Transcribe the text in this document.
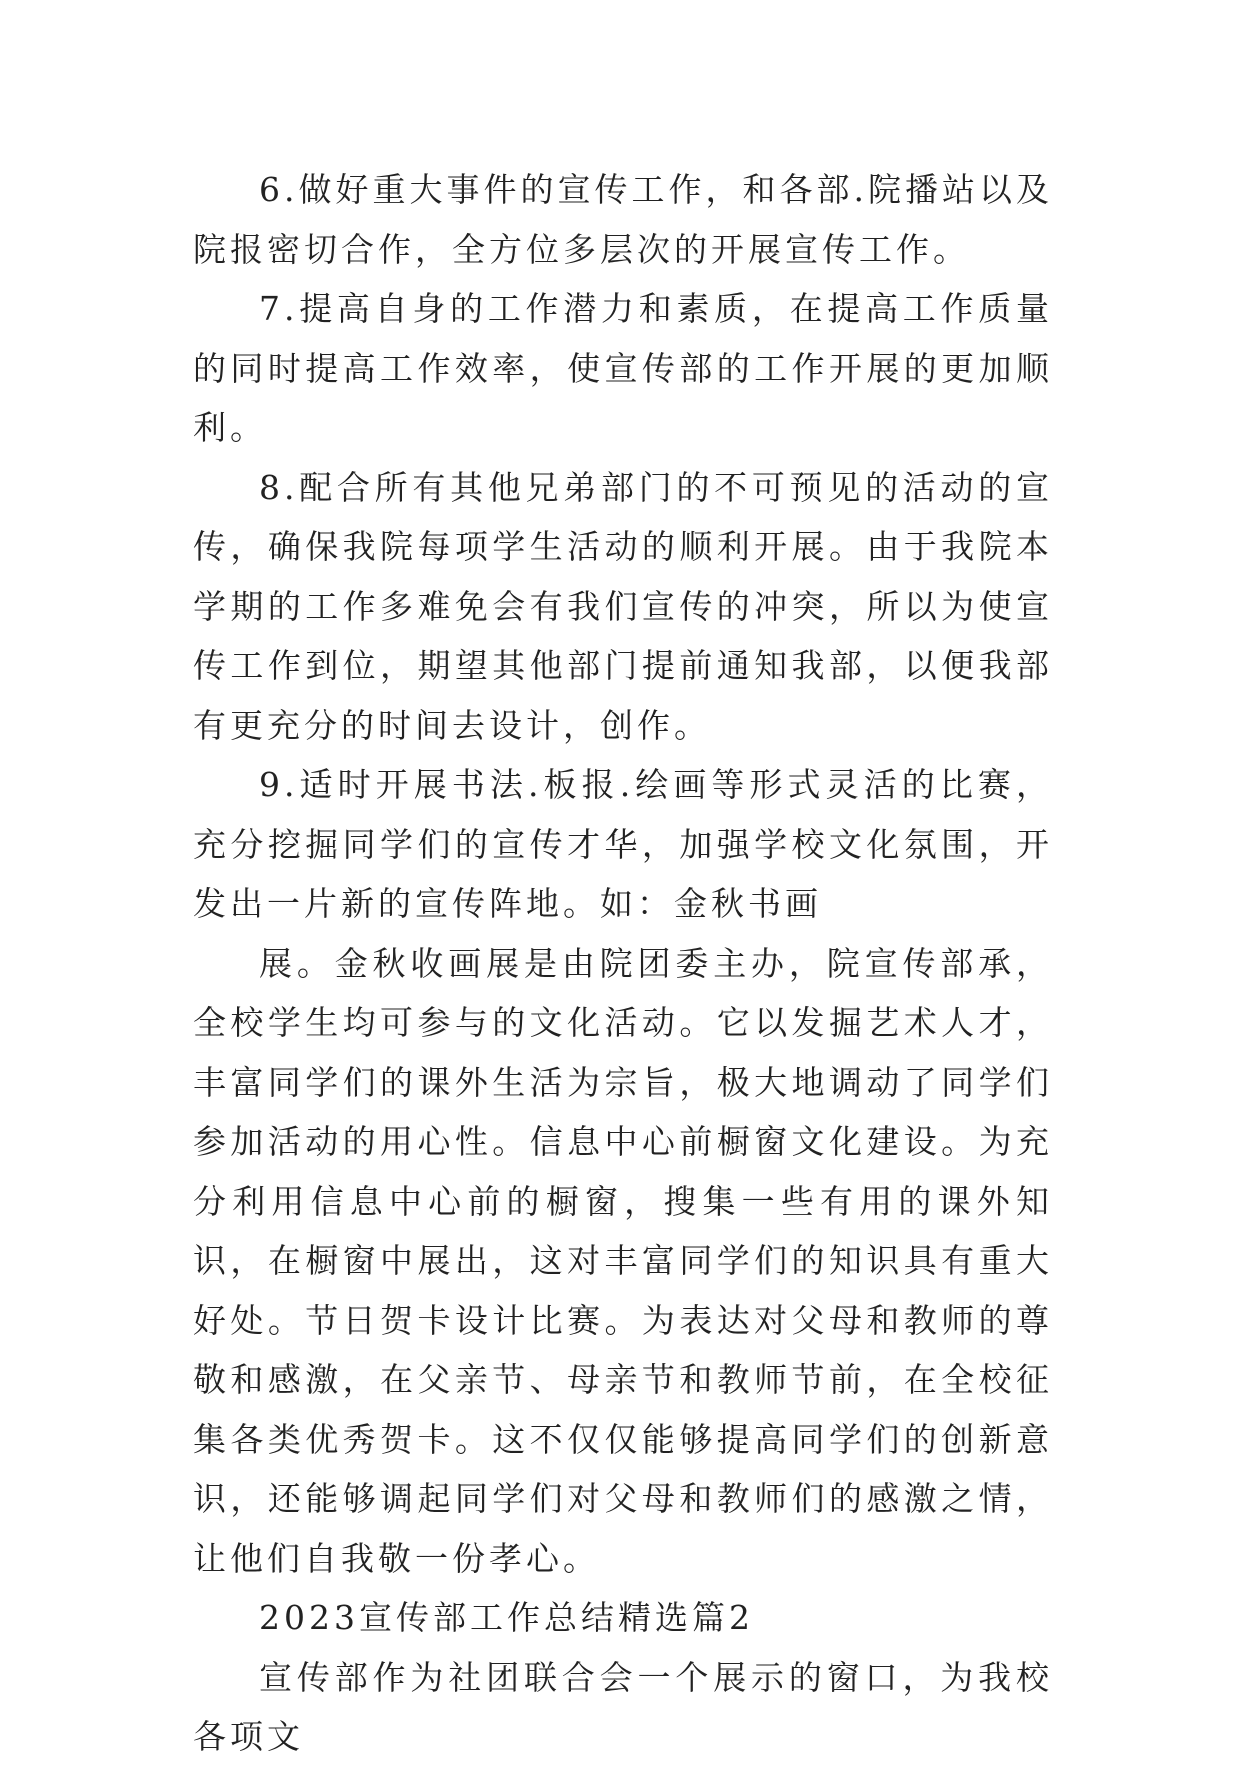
6.做好重大事件的宣传工作，和各部.院播站以及院报密切合作，全方位多层次的开展宣传工作。

7.提高自身的工作潜力和素质，在提高工作质量的同时提高工作效率，使宣传部的工作开展的更加顺利。

8.配合所有其他兄弟部门的不可预见的活动的宣传，确保我院每项学生活动的顺利开展。由于我院本学期的工作多难免会有我们宣传的冲突，所以为使宣传工作到位，期望其他部门提前通知我部，以便我部有更充分的时间去设计，创作。

9.适时开展书法.板报.绘画等形式灵活的比赛，充分挖掘同学们的宣传才华，加强学校文化氛围，开发出一片新的宣传阵地。如：金秋书画

展。金秋收画展是由院团委主办，院宣传部承，全校学生均可参与的文化活动。它以发掘艺术人才，丰富同学们的课外生活为宗旨，极大地调动了同学们参加活动的用心性。信息中心前橱窗文化建设。为充分利用信息中心前的橱窗，搜集一些有用的课外知识，在橱窗中展出，这对丰富同学们的知识具有重大好处。节日贺卡设计比赛。为表达对父母和教师的尊敬和感激，在父亲节、母亲节和教师节前，在全校征集各类优秀贺卡。这不仅仅能够提高同学们的创新意识，还能够调起同学们对父母和教师们的感激之情，让他们自我敬一份孝心。

2023宣传部工作总结精选篇2

宣传部作为社团联合会一个展示的窗口，为我校各项文
